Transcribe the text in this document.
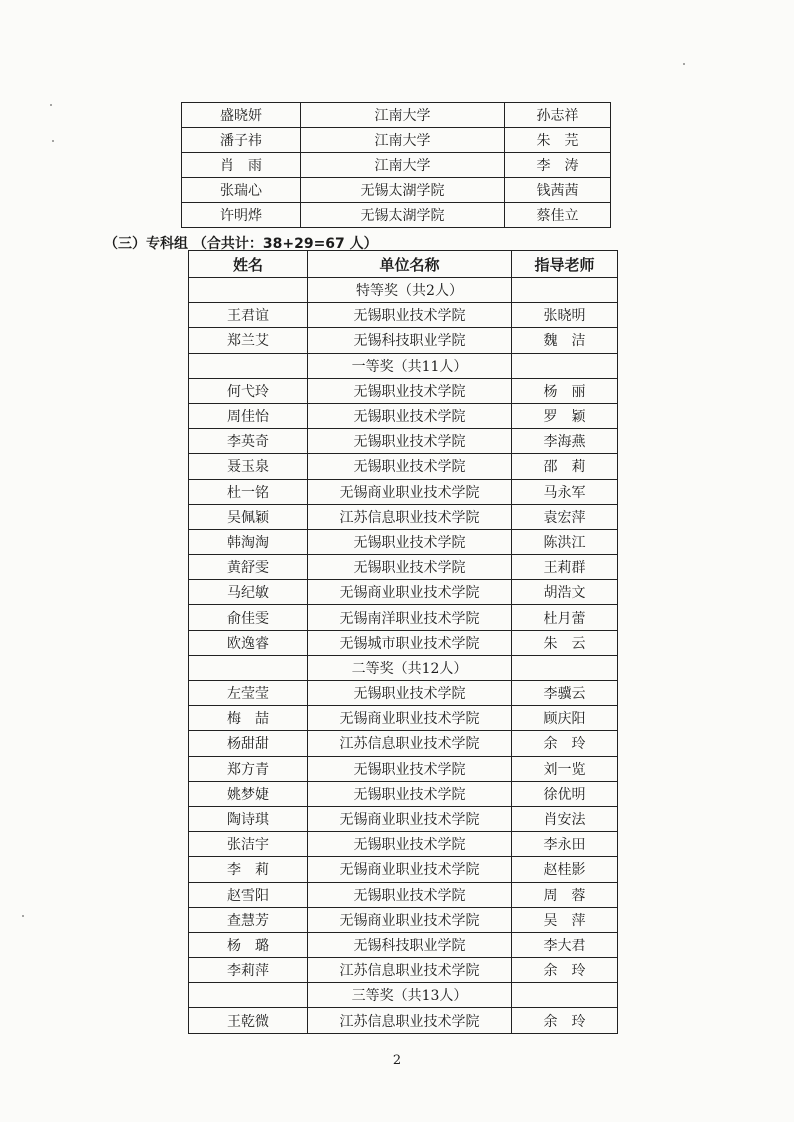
盛晓妍	江南大学	孙志祥
潘子祎	江南大学	朱　芫
肖　雨	江南大学	李　涛
张瑞心	无锡太湖学院	钱茜茜
许明烨	无锡太湖学院	蔡佳立
（三）专科组 （合共计：38+29=67 人）
姓名	单位名称	指导老师
	特等奖（共2人）	
王君谊	无锡职业技术学院	张晓明
郑兰艾	无锡科技职业学院	魏　洁
	一等奖（共11人）	
何弋玲	无锡职业技术学院	杨　丽
周佳怡	无锡职业技术学院	罗　颖
李英奇	无锡职业技术学院	李海燕
聂玉泉	无锡职业技术学院	邵　莉
杜一铭	无锡商业职业技术学院	马永军
吴佩颖	江苏信息职业技术学院	袁宏萍
韩淘淘	无锡职业技术学院	陈洪江
黄舒雯	无锡职业技术学院	王莉群
马纪敏	无锡商业职业技术学院	胡浩文
俞佳雯	无锡南洋职业技术学院	杜月蕾
欧逸睿	无锡城市职业技术学院	朱　云
	二等奖（共12人）	
左莹莹	无锡职业技术学院	李骥云
梅　喆	无锡商业职业技术学院	顾庆阳
杨甜甜	江苏信息职业技术学院	余　玲
郑方青	无锡职业技术学院	刘一览
姚梦婕	无锡职业技术学院	徐优明
陶诗琪	无锡商业职业技术学院	肖安法
张洁宇	无锡职业技术学院	李永田
李　莉	无锡商业职业技术学院	赵桂影
赵雪阳	无锡职业技术学院	周　蓉
查慧芳	无锡商业职业技术学院	吴　萍
杨　璐	无锡科技职业学院	李大君
李莉萍	江苏信息职业技术学院	余　玲
	三等奖（共13人）	
王乾微	江苏信息职业技术学院	余　玲
2
